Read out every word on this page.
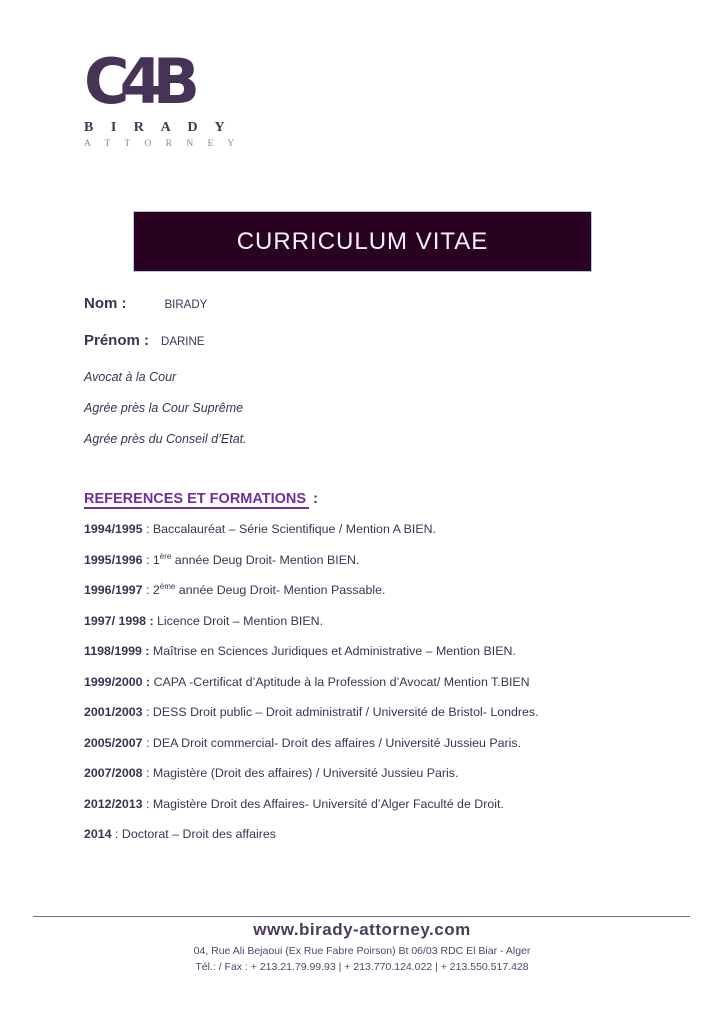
C4B
B I R A D Y
A T T O R N E Y
CURRICULUM VITAE

Nom :	BIRADY

Prénom : DARINE

Avocat à la Cour

Agrée près la Cour Suprême

Agrée près du Conseil d’Etat.

REFERENCES ET FORMATIONS :

1994/1995 : Baccalauréat – Série Scientifique / Mention A BIEN.

1995/1996 : 1ère année Deug Droit- Mention BIEN.

1996/1997 : 2ème année Deug Droit- Mention Passable.

1997/ 1998 : Licence Droit – Mention BIEN.

1198/1999 : Maîtrise en Sciences Juridiques et Administrative – Mention BIEN.

1999/2000 : CAPA -Certificat d’Aptitude à la Profession d’Avocat/ Mention T.BIEN

2001/2003 : DESS Droit public – Droit administratif / Université de Bristol- Londres.

2005/2007 : DEA Droit commercial- Droit des affaires / Université Jussieu Paris.

2007/2008 : Magistère (Droit des affaires) / Université Jussieu Paris.

2012/2013 : Magistère Droit des Affaires- Université d’Alger Faculté de Droit.

2014 : Doctorat – Droit des affaires

www.birady-attorney.com
04, Rue Ali Bejaoui (Ex Rue Fabre Poirson) Bt 06/03 RDC El Biar - Alger
Tél.: / Fax : + 213.21.79.99.93 | + 213.770.124.022 | + 213.550.517.428
